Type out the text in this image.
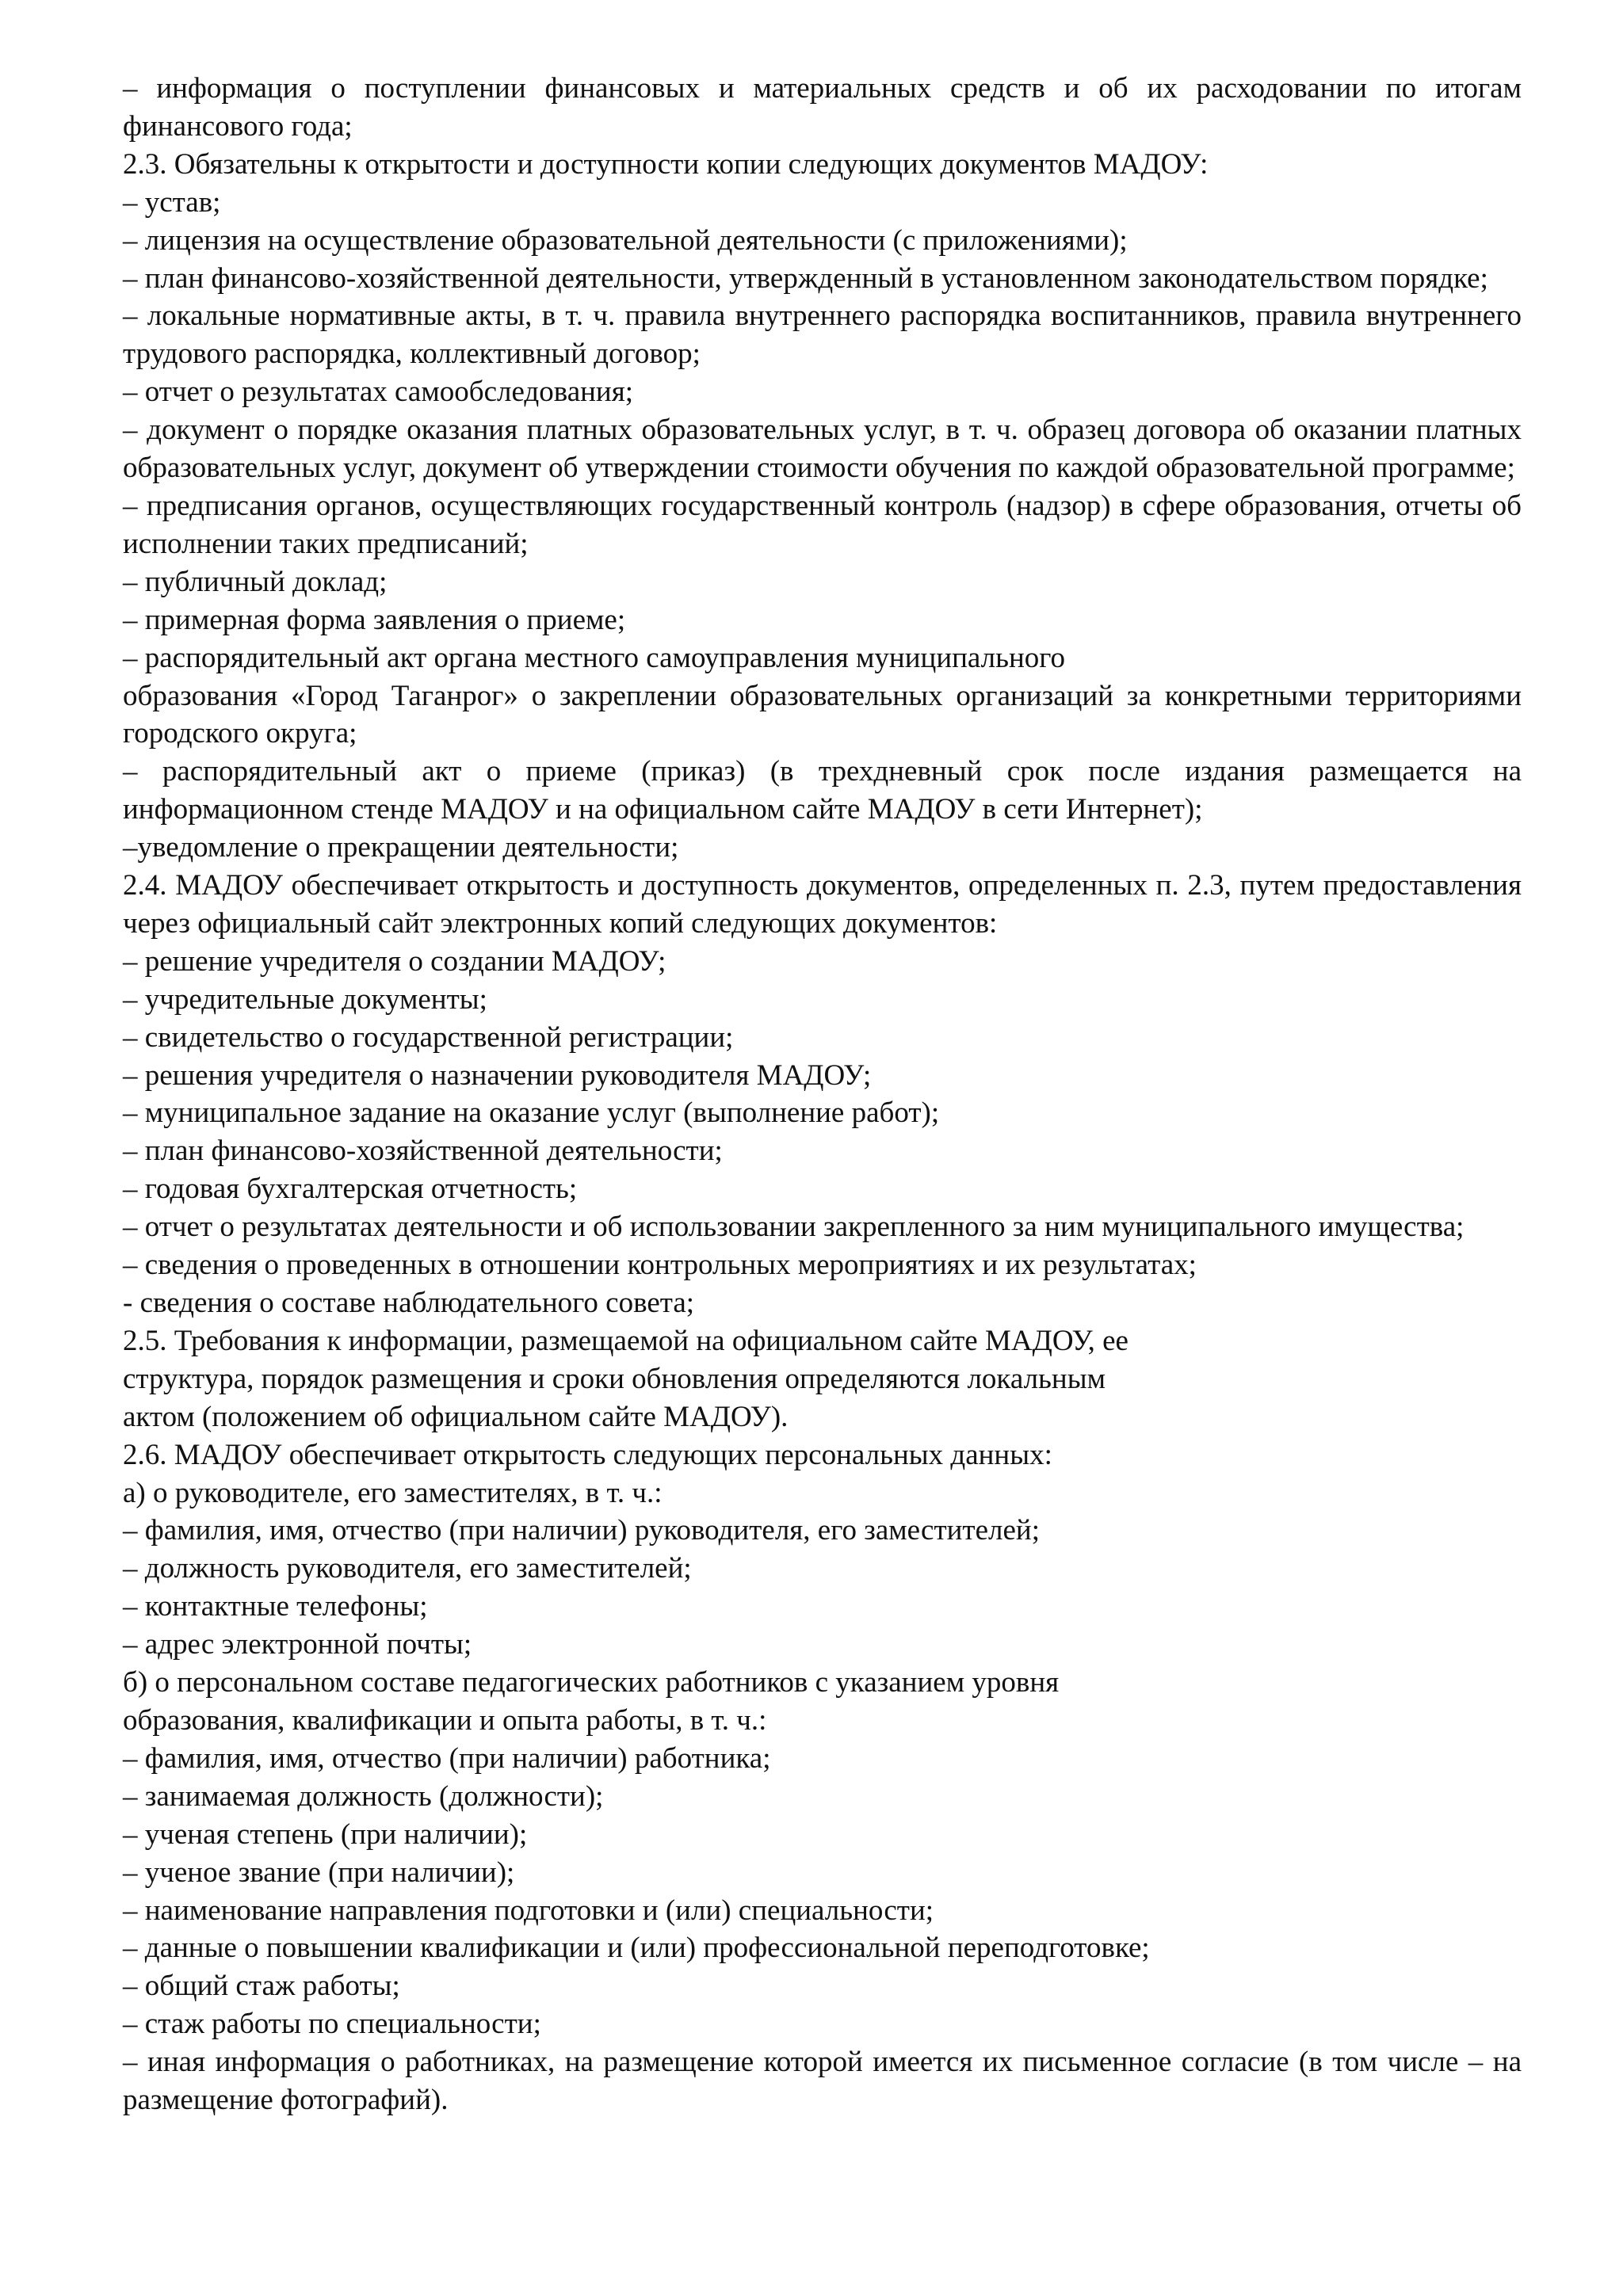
– информация о поступлении финансовых и материальных средств и об их расходовании по итогам финансового года;

2.3. Обязательны к открытости и доступности копии следующих документов МАДОУ:

– устав;

– лицензия на осуществление образовательной деятельности (с приложениями);

– план финансово-хозяйственной деятельности, утвержденный в установленном законодательством порядке;

– локальные нормативные акты, в т. ч. правила внутреннего распорядка воспитанников, правила внутреннего трудового распорядка, коллективный договор;

– отчет о результатах самообследования;

– документ о порядке оказания платных образовательных услуг, в т. ч. образец договора об оказании платных образовательных услуг, документ об утверждении стоимости обучения по каждой образовательной программе;

– предписания органов, осуществляющих государственный контроль (надзор) в сфере образования, отчеты об исполнении таких предписаний;

– публичный доклад;

– примерная форма заявления о приеме;

– распорядительный акт органа местного самоуправления муниципального

образования «Город Таганрог» о закреплении образовательных организаций за конкретными территориями городского округа;

– распорядительный акт о приеме (приказ) (в трехдневный срок после издания размещается на информационном стенде МАДОУ и на официальном сайте МАДОУ в сети Интернет);

–уведомление о прекращении деятельности;

2.4. МАДОУ обеспечивает открытость и доступность документов, определенных п. 2.3, путем предоставления через официальный сайт электронных копий следующих документов:

– решение учредителя о создании МАДОУ;

– учредительные документы;

– свидетельство о государственной регистрации;

– решения учредителя о назначении руководителя МАДОУ;

– муниципальное задание на оказание услуг (выполнение работ);

– план финансово-хозяйственной деятельности;

– годовая бухгалтерская отчетность;

– отчет о результатах деятельности и об использовании закрепленного за ним муниципального имущества;

– сведения о проведенных в отношении контрольных мероприятиях и их результатах;

- сведения о составе наблюдательного совета;

2.5. Требования к информации, размещаемой на официальном сайте МАДОУ, ее

структура, порядок размещения и сроки обновления определяются локальным

актом (положением об официальном сайте МАДОУ).

2.6. МАДОУ обеспечивает открытость следующих персональных данных:

а) о руководителе, его заместителях, в т. ч.:

– фамилия, имя, отчество (при наличии) руководителя, его заместителей;

– должность руководителя, его заместителей;

– контактные телефоны;

– адрес электронной почты;

б) о персональном составе педагогических работников с указанием уровня

образования, квалификации и опыта работы, в т. ч.:

– фамилия, имя, отчество (при наличии) работника;

– занимаемая должность (должности);

– ученая степень (при наличии);

– ученое звание (при наличии);

– наименование направления подготовки и (или) специальности;

– данные о повышении квалификации и (или) профессиональной переподготовке;

– общий стаж работы;

– стаж работы по специальности;

– иная информация о работниках, на размещение которой имеется их письменное согласие (в том числе – на размещение фотографий).
